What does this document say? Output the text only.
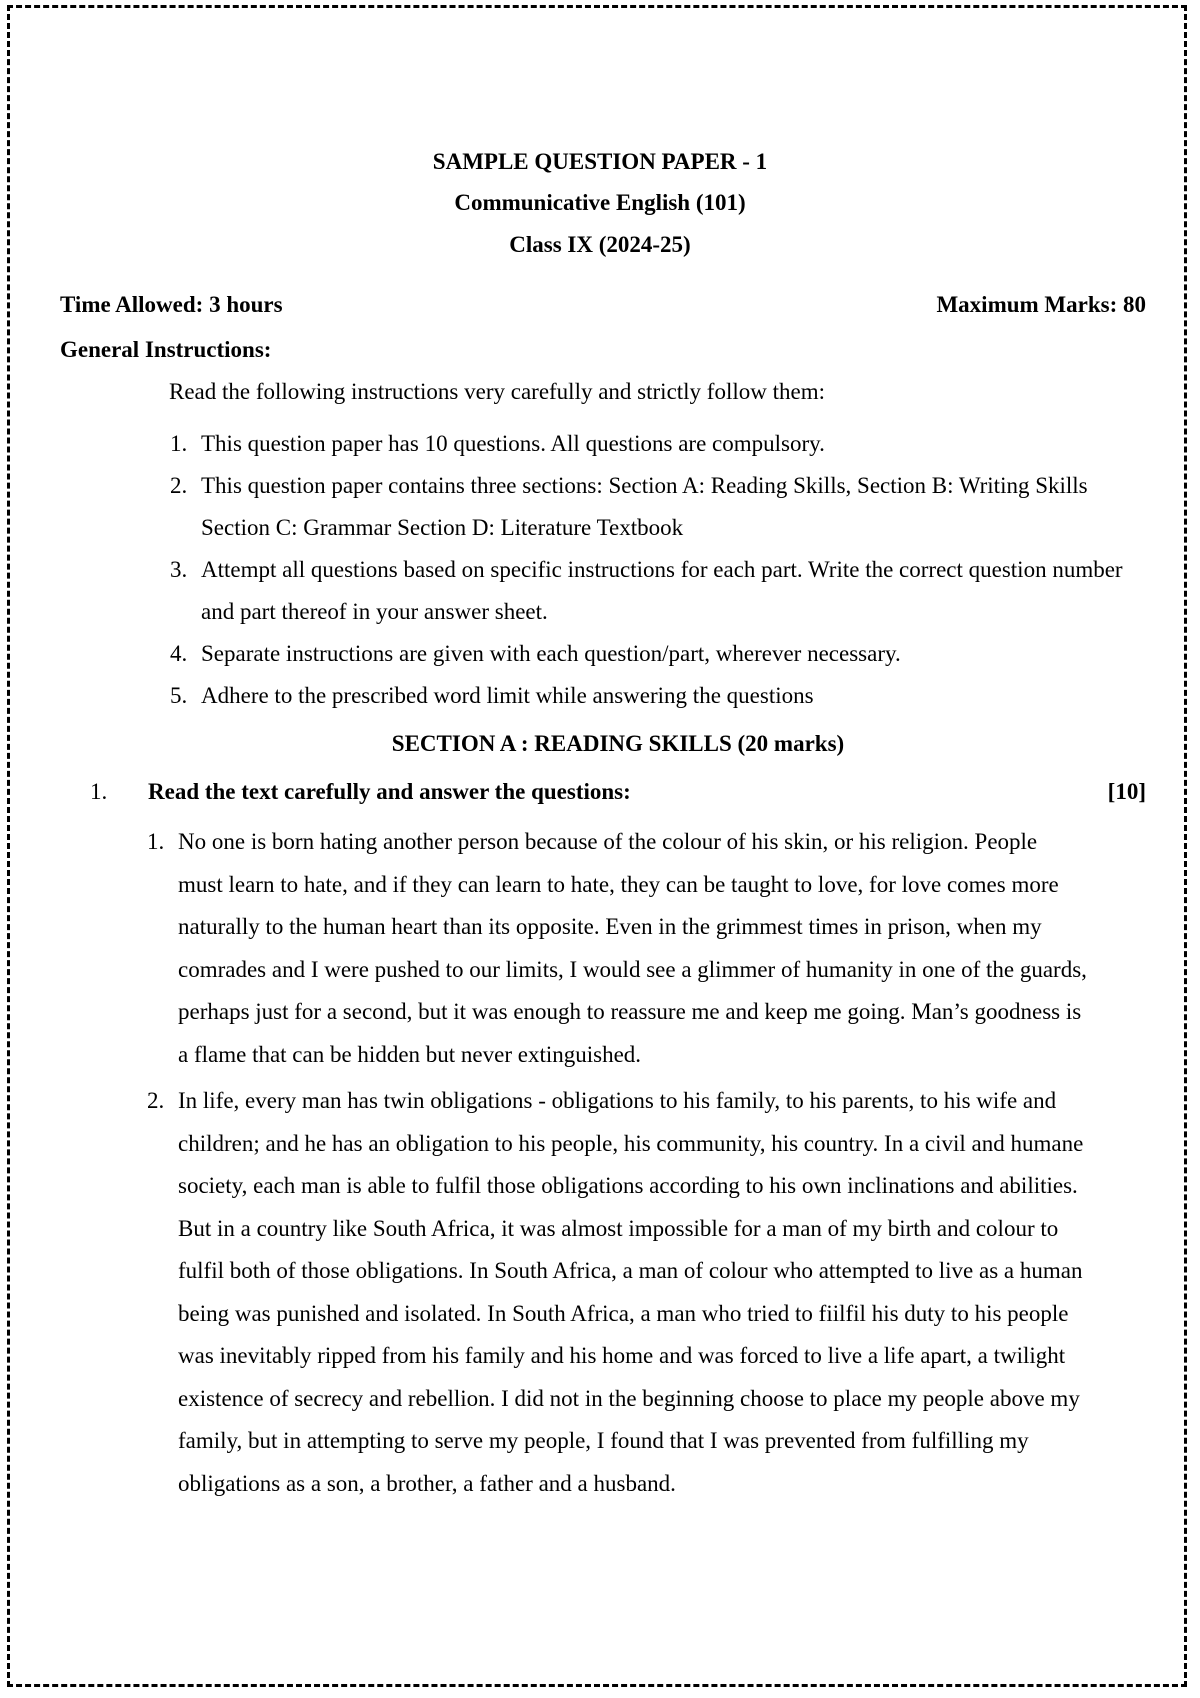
SAMPLE QUESTION PAPER - 1
Communicative English (101)
Class IX (2024-25)
Time Allowed: 3 hours	Maximum Marks: 80
General Instructions:
Read the following instructions very carefully and strictly follow them:
1. This question paper has 10 questions. All questions are compulsory.
2. This question paper contains three sections: Section A: Reading Skills, Section B: Writing Skills Section C: Grammar Section D: Literature Textbook
3. Attempt all questions based on specific instructions for each part. Write the correct question number and part thereof in your answer sheet.
4. Separate instructions are given with each question/part, wherever necessary.
5. Adhere to the prescribed word limit while answering the questions
SECTION A : READING SKILLS (20 marks)
1. Read the text carefully and answer the questions:	[10]
1. No one is born hating another person because of the colour of his skin, or his religion. People must learn to hate, and if they can learn to hate, they can be taught to love, for love comes more naturally to the human heart than its opposite. Even in the grimmest times in prison, when my comrades and I were pushed to our limits, I would see a glimmer of humanity in one of the guards, perhaps just for a second, but it was enough to reassure me and keep me going. Man’s goodness is a flame that can be hidden but never extinguished.
2. In life, every man has twin obligations - obligations to his family, to his parents, to his wife and children; and he has an obligation to his people, his community, his country. In a civil and humane society, each man is able to fulfil those obligations according to his own inclinations and abilities. But in a country like South Africa, it was almost impossible for a man of my birth and colour to fulfil both of those obligations. In South Africa, a man of colour who attempted to live as a human being was punished and isolated. In South Africa, a man who tried to fiilfil his duty to his people was inevitably ripped from his family and his home and was forced to live a life apart, a twilight existence of secrecy and rebellion. I did not in the beginning choose to place my people above my family, but in attempting to serve my people, I found that I was prevented from fulfilling my obligations as a son, a brother, a father and a husband.
